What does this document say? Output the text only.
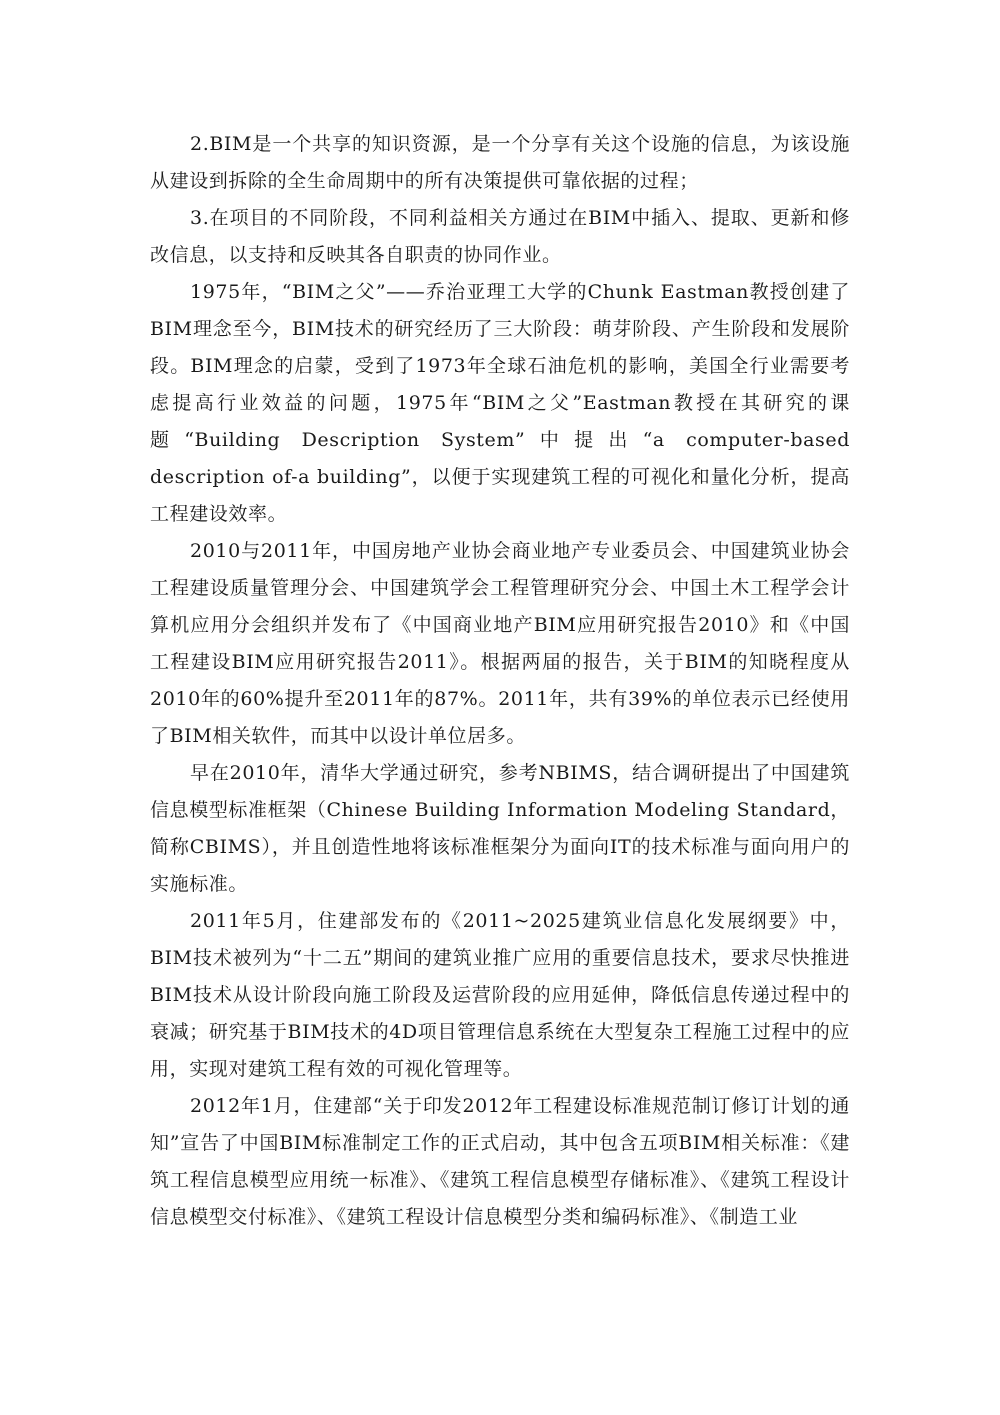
2.BIM是一个共享的知识资源，是一个分享有关这个设施的信息，为该设施从建设到拆除的全生命周期中的所有决策提供可靠依据的过程；

3.在项目的不同阶段，不同利益相关方通过在BIM中插入、提取、更新和修改信息，以支持和反映其各自职责的协同作业。

1975年，“BIM之父”——乔治亚理工大学的Chunk Eastman教授创建了BIM理念至今，BIM技术的研究经历了三大阶段：萌芽阶段、产生阶段和发展阶段。BIM理念的启蒙，受到了1973年全球石油危机的影响，美国全行业需要考虑提高行业效益的问题，1975年“BIM之父”Eastman教授在其研究的课题“Building Description System”中提出“a computer-based description of-a building”，以便于实现建筑工程的可视化和量化分析，提高工程建设效率。

2010与2011年，中国房地产业协会商业地产专业委员会、中国建筑业协会工程建设质量管理分会、中国建筑学会工程管理研究分会、中国土木工程学会计算机应用分会组织并发布了《中国商业地产BIM应用研究报告2010》和《中国工程建设BIM应用研究报告2011》。根据两届的报告，关于BIM的知晓程度从2010年的60%提升至2011年的87%。2011年，共有39%的单位表示已经使用了BIM相关软件，而其中以设计单位居多。

早在2010年，清华大学通过研究，参考NBIMS，结合调研提出了中国建筑信息模型标准框架（Chinese Building Information Modeling Standard，简称CBIMS），并且创造性地将该标准框架分为面向IT的技术标准与面向用户的实施标准。

2011年5月，住建部发布的《2011~2025建筑业信息化发展纲要》中，BIM技术被列为“十二五”期间的建筑业推广应用的重要信息技术，要求尽快推进BIM技术从设计阶段向施工阶段及运营阶段的应用延伸，降低信息传递过程中的衰减；研究基于BIM技术的4D项目管理信息系统在大型复杂工程施工过程中的应用，实现对建筑工程有效的可视化管理等。

2012年1月，住建部“关于印发2012年工程建设标准规范制订修订计划的通知”宣告了中国BIM标准制定工作的正式启动，其中包含五项BIM相关标准：《建筑工程信息模型应用统一标准》、《建筑工程信息模型存储标准》、《建筑工程设计信息模型交付标准》、《建筑工程设计信息模型分类和编码标准》、《制造工业
